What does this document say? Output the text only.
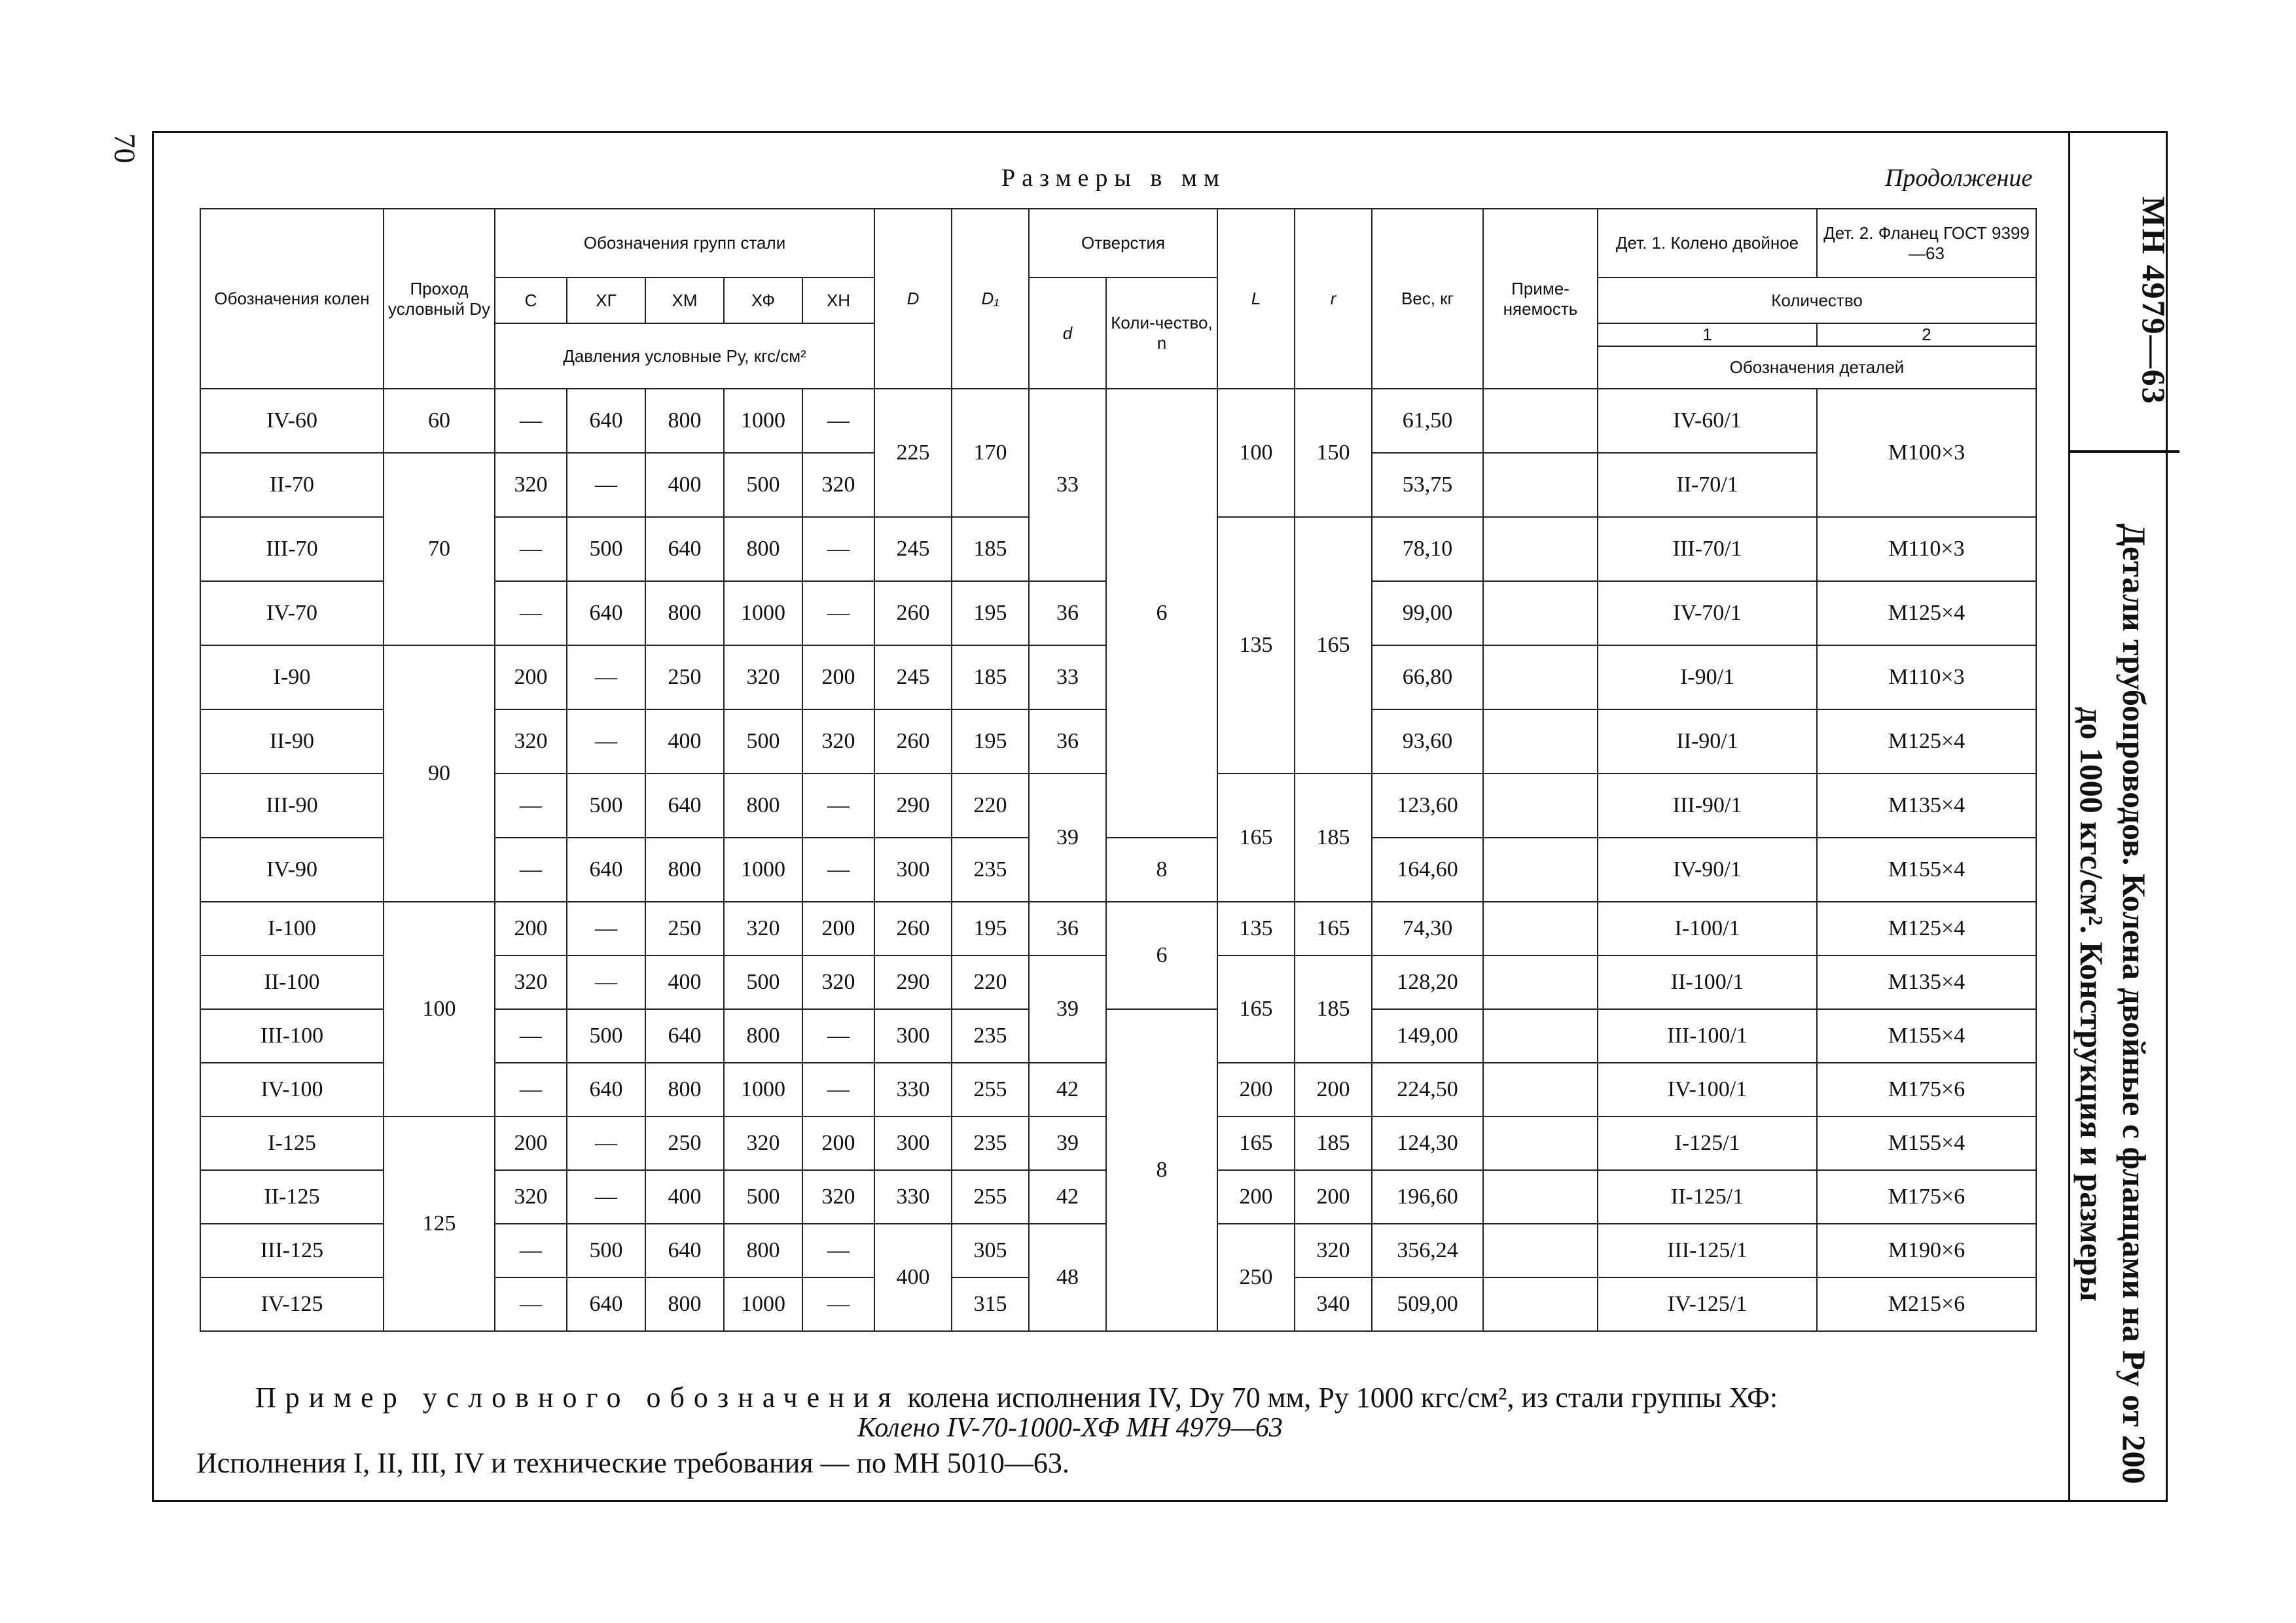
70
МН 4979—63
Детали трубопроводов. Колена двойные с фланцами на Pу от 200
до 1000 кгс/см². Конструкция и размеры
Размеры в мм	Продолжение
Обозначения колен	Проход условный Dу	Обозначения групп стали					D	D₁	Отверстия		L	r	Вес, кг	Приме-няемость	Дет. 1. Колено двойное	Дет. 2. Фланец ГОСТ 9399—63
		С	ХГ	ХМ	ХФ	ХН			d	Коли-чество, n					Количество	
		Давления условные Pу, кгс/см²													1	2
															Обозначения деталей	
IV-60	60	—	640	800	1000	—	225	170	33	6	100	150	61,50		IV-60/1	М100×3
II-70	70	320	—	400	500	320							53,75		II-70/1	
III-70		—	500	640	800	—	245	185			135	165	78,10		III-70/1	М110×3
IV-70		—	640	800	1000	—	260	195	36				99,00		IV-70/1	М125×4
I-90	90	200	—	250	320	200	245	185	33				66,80		I-90/1	М110×3
II-90		320	—	400	500	320	260	195	36				93,60		II-90/1	М125×4
III-90		—	500	640	800	—	290	220	39		165	185	123,60		III-90/1	М135×4
IV-90		—	640	800	1000	—	300	235		8			164,60		IV-90/1	М155×4
I-100	100	200	—	250	320	200	260	195	36	6	135	165	74,30		I-100/1	М125×4
II-100		320	—	400	500	320	290	220	39		165	185	128,20		II-100/1	М135×4
III-100		—	500	640	800	—	300	235		8			149,00		III-100/1	М155×4
IV-100		—	640	800	1000	—	330	255	42		200	200	224,50		IV-100/1	М175×6
I-125	125	200	—	250	320	200	300	235	39		165	185	124,30		I-125/1	М155×4
II-125		320	—	400	500	320	330	255	42		200	200	196,60		II-125/1	М175×6
III-125		—	500	640	800	—	400	305	48		250	320	356,24		III-125/1	М190×6
IV-125		—	640	800	1000	—		315				340	509,00		IV-125/1	М215×6
Пример условного обозначения колена исполнения IV, Dу 70 мм, Pу 1000 кгс/см², из стали группы ХФ:
Колено IV-70-1000-ХФ МН 4979—63
Исполнения I, II, III, IV и технические требования — по МН 5010—63.
